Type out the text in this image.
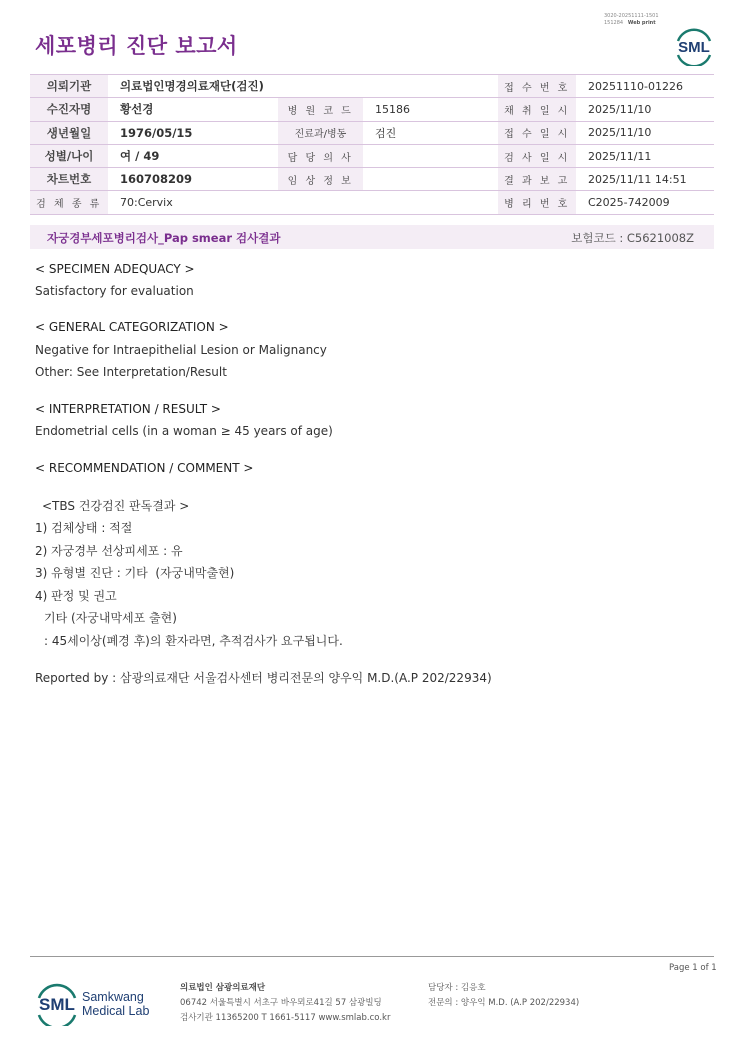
3020-20251111-1501
151284 Web print
세포병리 진단 보고서	SML
의뢰기관	의료법인명경의료재단(검진)			접 수 번 호	20251110-01226
수진자명	황선경	병 원 코 드	15186	채 취 일 시	2025/11/10
생년월일	1976/05/15	진료과/병동	검진	접 수 일 시	2025/11/10
성별/나이	여 / 49	담 당 의 사		검 사 일 시	2025/11/11
차트번호	160708209	임 상 정 보		결 과 보 고	2025/11/11 14:51
검 체 종 류	70:Cervix			병 리 번 호	C2025-742009
자궁경부세포병리검사_Pap smear 검사결과	보험코드 : C5621008Z
< SPECIMEN ADEQUACY >
Satisfactory for evaluation
< GENERAL CATEGORIZATION >
Negative for Intraepithelial Lesion or Malignancy
Other: See Interpretation/Result
< INTERPRETATION / RESULT >
Endometrial cells (in a woman ≥ 45 years of age)
< RECOMMENDATION / COMMENT >
<TBS 건강검진 판독결과 >
1) 검체상태 : 적절
2) 자궁경부 선상피세포 : 유
3) 유형별 진단 : 기타  (자궁내막출현)
4) 판정 및 권고
기타 (자궁내막세포 출현)
: 45세이상(폐경 후)의 환자라면, 추적검사가 요구됩니다.
Reported by : 삼광의료재단 서울검사센터 병리전문의 양우익 M.D.(A.P 202/22934)
Page 1 of 1
SML Samkwang
Medical Lab
의료법인 삼광의료재단
06742 서울특별시 서초구 바우뫼로41길 57 삼광빌딩
검사기관 11365200 T 1661-5117 www.smlab.co.kr
담당자 : 김응호
전문의 : 양우익 M.D. (A.P 202/22934)
